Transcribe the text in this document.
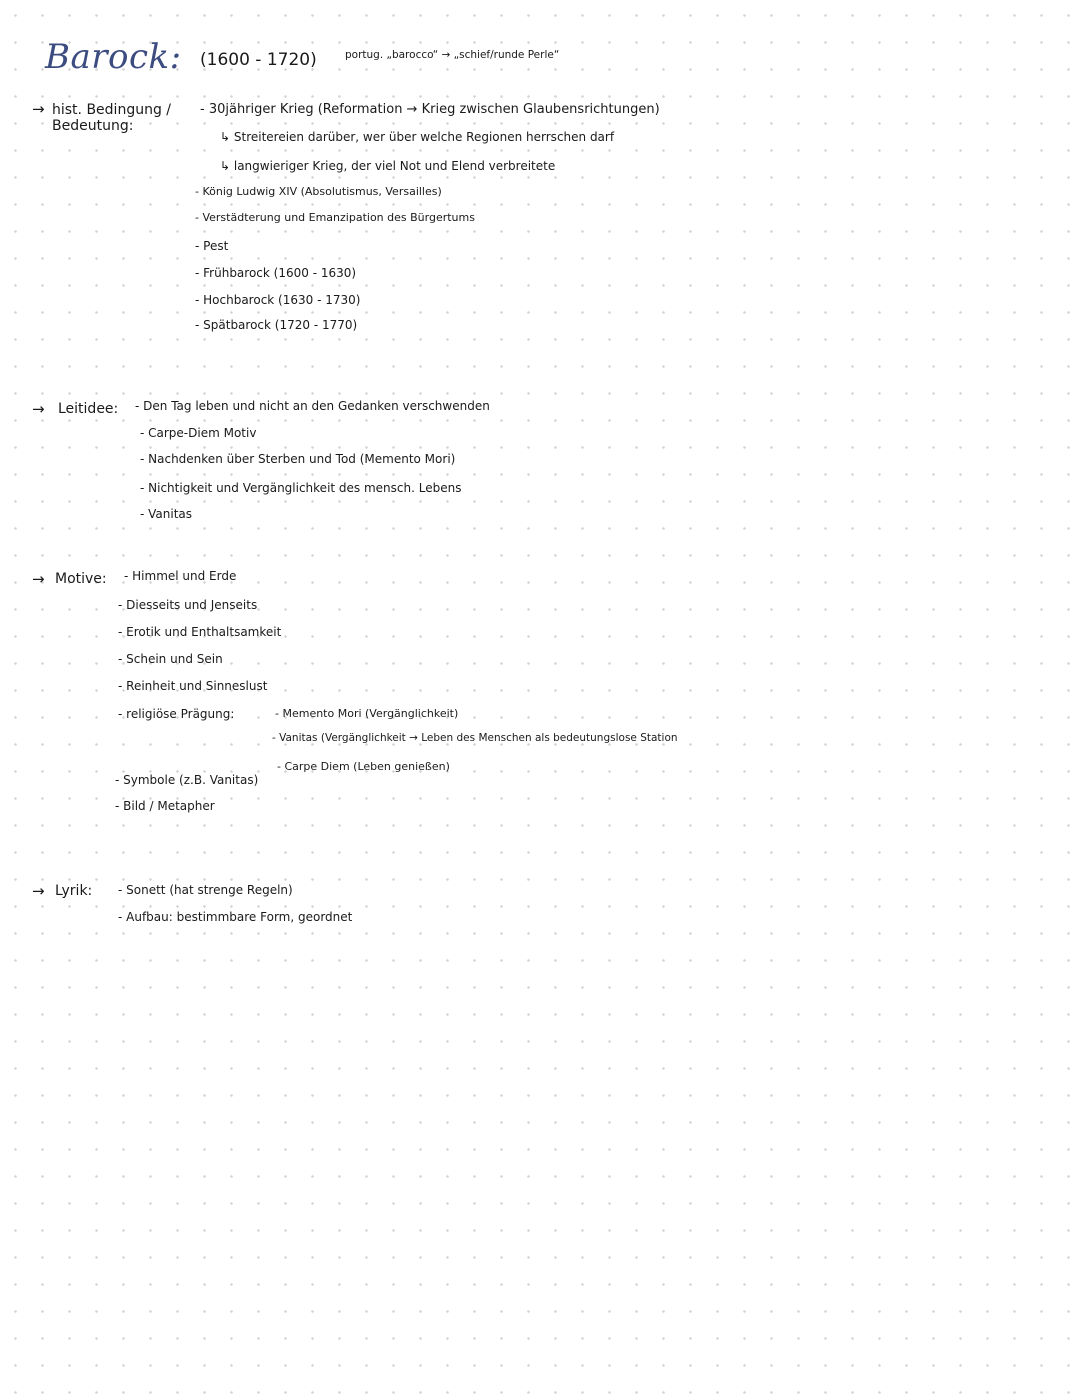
Barock: (1600 - 1720)	portug. „barocco“ → „schief/runde Perle“
→ hist. Bedingung / Bedeutung:
- 30jähriger Krieg (Reformation → Krieg zwischen Glaubensrichtungen)
↳ Streitereien darüber, wer über welche Regionen herrschen darf
↳ langwieriger Krieg, der viel Not und Elend verbreitete
- König Ludwig XIV (Absolutismus, Versailles)
- Verstädterung und Emanzipation des Bürgertums
- Pest
- Frühbarock (1600 - 1630)
- Hochbarock (1630 - 1730)
- Spätbarock (1720 - 1770)
→ Leitidee: - Den Tag leben und nicht an den Gedanken verschwenden
- Carpe-Diem Motiv
- Nachdenken über Sterben und Tod (Memento Mori)
- Nichtigkeit und Vergänglichkeit des mensch. Lebens
- Vanitas
→ Motive: - Himmel und Erde
- Diesseits und Jenseits
- Erotik und Enthaltsamkeit
- Schein und Sein
- Reinheit und Sinneslust
- religiöse Prägung:	- Memento Mori (Vergänglichkeit)
- Vanitas (Vergänglichkeit → Leben des Menschen als bedeutungslose Station
- Carpe Diem (Leben genießen)
- Symbole (z.B. Vanitas)
- Bild / Metapher
→ Lyrik: - Sonett (hat strenge Regeln)
- Aufbau: bestimmbare Form, geordnet
